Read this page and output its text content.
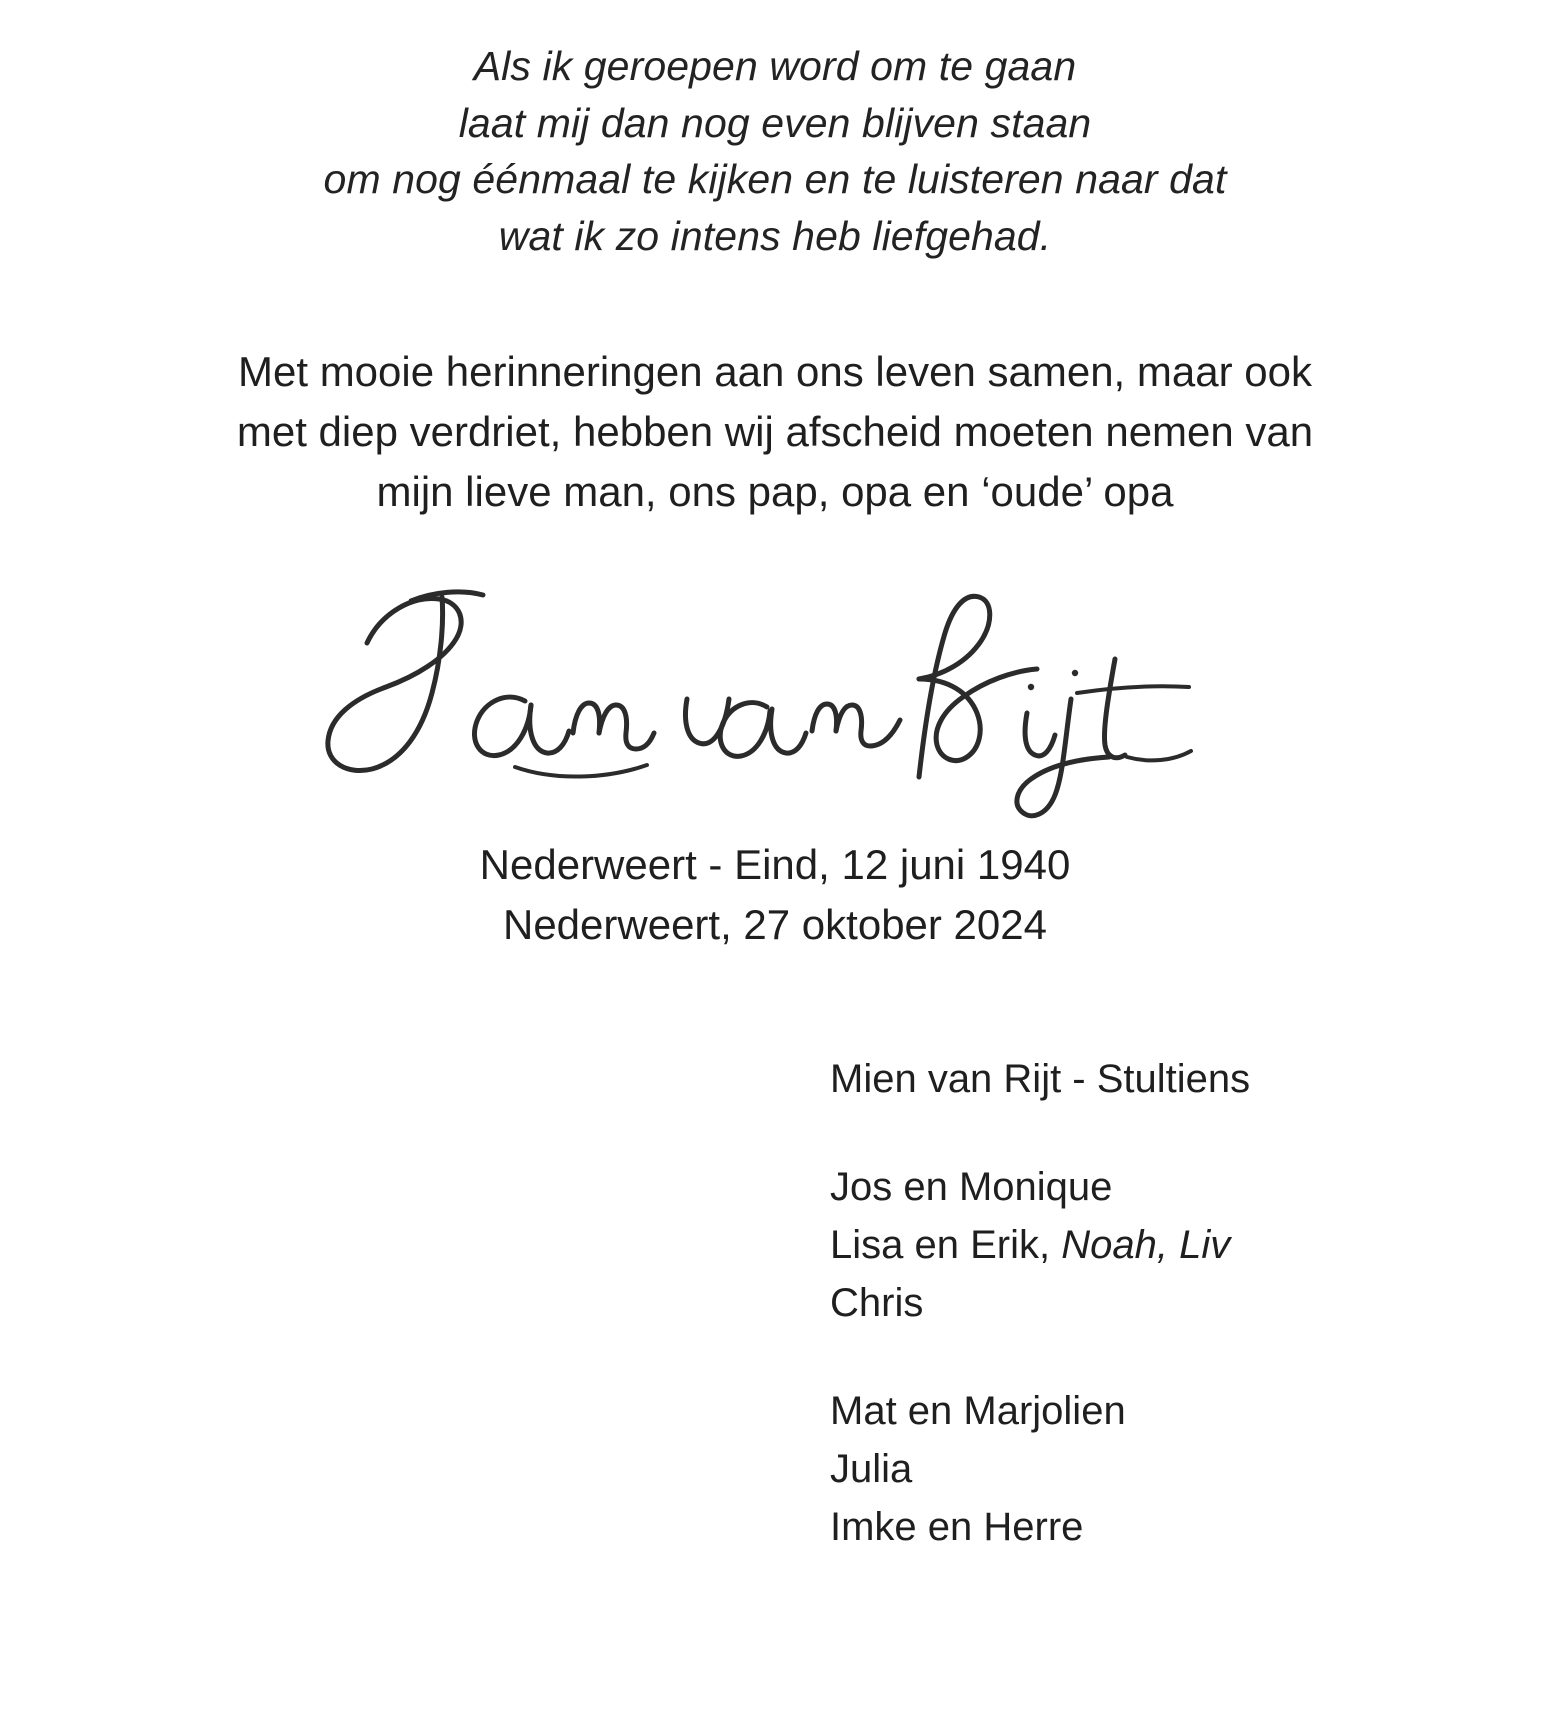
Als ik geroepen word om te gaan
laat mij dan nog even blijven staan
om nog éénmaal te kijken en te luisteren naar dat
wat ik zo intens heb liefgehad.
Met mooie herinneringen aan ons leven samen, maar ook
met diep verdriet, hebben wij afscheid moeten nemen van
mijn lieve man, ons pap, opa en ‘oude’ opa
Nederweert - Eind, 12 juni 1940
Nederweert, 27 oktober 2024
Mien van Rijt - Stultiens
Jos en Monique
Lisa en Erik, Noah, Liv
Chris
Mat en Marjolien
Julia
Imke en Herre
